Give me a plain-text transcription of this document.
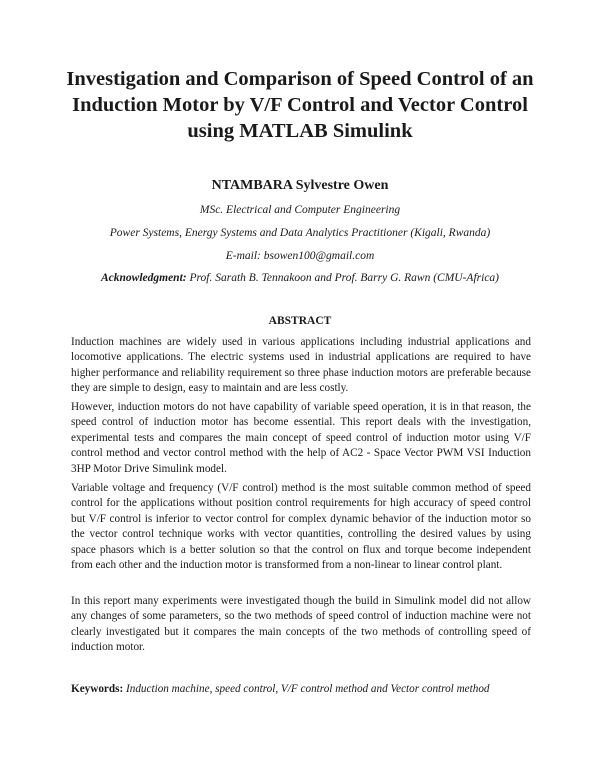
Investigation and Comparison of Speed Control of an
Induction Motor by V/F Control and Vector Control
using MATLAB Simulink
NTAMBARA Sylvestre Owen
MSc. Electrical and Computer Engineering
Power Systems, Energy Systems and Data Analytics Practitioner (Kigali, Rwanda)
E-mail: bsowen100@gmail.com
Acknowledgment: Prof. Sarath B. Tennakoon and Prof. Barry G. Rawn (CMU-Africa)
ABSTRACT

Induction machines are widely used in various applications including industrial applications and locomotive applications. The electric systems used in industrial applications are required to have higher performance and reliability requirement so three phase induction motors are preferable because they are simple to design, easy to maintain and are less costly.

However, induction motors do not have capability of variable speed operation, it is in that reason, the speed control of induction motor has become essential. This report deals with the investigation, experimental tests and compares the main concept of speed control of induction motor using V/F control method and vector control method with the help of AC2 - Space Vector PWM VSI Induction 3HP Motor Drive Simulink model.

Variable voltage and frequency (V/F control) method is the most suitable common method of speed control for the applications without position control requirements for high accuracy of speed control but V/F control is inferior to vector control for complex dynamic behavior of the induction motor so the vector control technique works with vector quantities, controlling the desired values by using space phasors which is a better solution so that the control on flux and torque become independent from each other and the induction motor is transformed from a non-linear to linear control plant.

In this report many experiments were investigated though the build in Simulink model did not allow any changes of some parameters, so the two methods of speed control of induction machine were not clearly investigated but it compares the main concepts of the two methods of controlling speed of induction motor.

Keywords: Induction machine, speed control, V/F control method and Vector control method
